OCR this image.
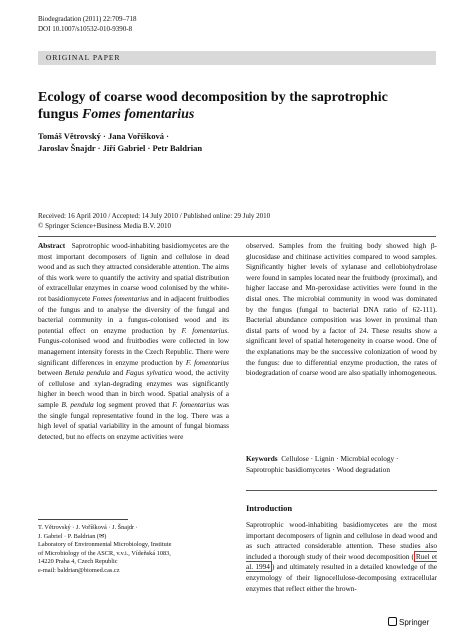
Biodegradation (2011) 22:709–718
DOI 10.1007/s10532-010-9390-8
ORIGINAL PAPER
Ecology of coarse wood decomposition by the saprotrophic
fungus Fomes fomentarius
Tomáš Větrovský · Jana Voříšková ·
Jaroslav Šnajdr · Jiří Gabriel · Petr Baldrian
Received: 16 April 2010 / Accepted: 14 July 2010 / Published online: 29 July 2010
© Springer Science+Business Media B.V. 2010
Abstract Saprotrophic wood-inhabiting basidiomycetes are the most important decomposers of lignin and cellulose in dead wood and as such they attracted considerable attention. The aims of this work were to quantify the activity and spatial distribution of extracellular enzymes in coarse wood colonised by the white-rot basidiomycete Fomes fomentarius and in adjacent fruitbodies of the fungus and to analyse the diversity of the fungal and bacterial community in a fungus-colonised wood and its potential effect on enzyme production by F. fomentarius. Fungus-colonised wood and fruitbodies were collected in low management intensity forests in the Czech Republic. There were significant differences in enzyme production by F. fomentarius between Betula pendula and Fagus sylvatica wood, the activity of cellulose and xylan-degrading enzymes was significantly higher in beech wood than in birch wood. Spatial analysis of a sample B. pendula log segment proved that F. fomentarius was the single fungal representative found in the log. There was a high level of spatial variability in the amount of fungal biomass detected, but no effects on enzyme activities were
observed. Samples from the fruiting body showed high β-glucosidase and chitinase activities compared to wood samples. Significantly higher levels of xylanase and cellobiohydrolase were found in samples located near the fruitbody (proximal), and higher laccase and Mn-peroxidase activities were found in the distal ones. The microbial community in wood was dominated by the fungus (fungal to bacterial DNA ratio of 62-111). Bacterial abundance composition was lower in proximal than distal parts of wood by a factor of 24. These results show a significant level of spatial heterogeneity in coarse wood. One of the explanations may be the successive colonization of wood by the fungus: due to differential enzyme production, the rates of biodegradation of coarse wood are also spatially inhomogeneous.
Keywords Cellulose · Lignin · Microbial ecology · Saprotrophic basidiomycetes · Wood degradation
Introduction
Saprotrophic wood-inhabiting basidiomycetes are the most important decomposers of lignin and cellulose in dead wood and as such attracted considerable attention. These studies also included a thorough study of their wood decomposition ( Ruel et al. 1994 ) and ultimately resulted in a detailed knowledge of the enzymology of their lignocellulose-decomposing extracellular enzymes that reflect either the brown-
T. Větrovský · J. Voříšková · J. Šnajdr ·
J. Gabriel · P. Baldrian (✉)
Laboratory of Environmental Microbiology, Institute
of Microbiology of the ASCR, v.v.i., Vídeňská 1083,
14220 Praha 4, Czech Republic
e-mail: baldrian@biomed.cas.cz
Springer
